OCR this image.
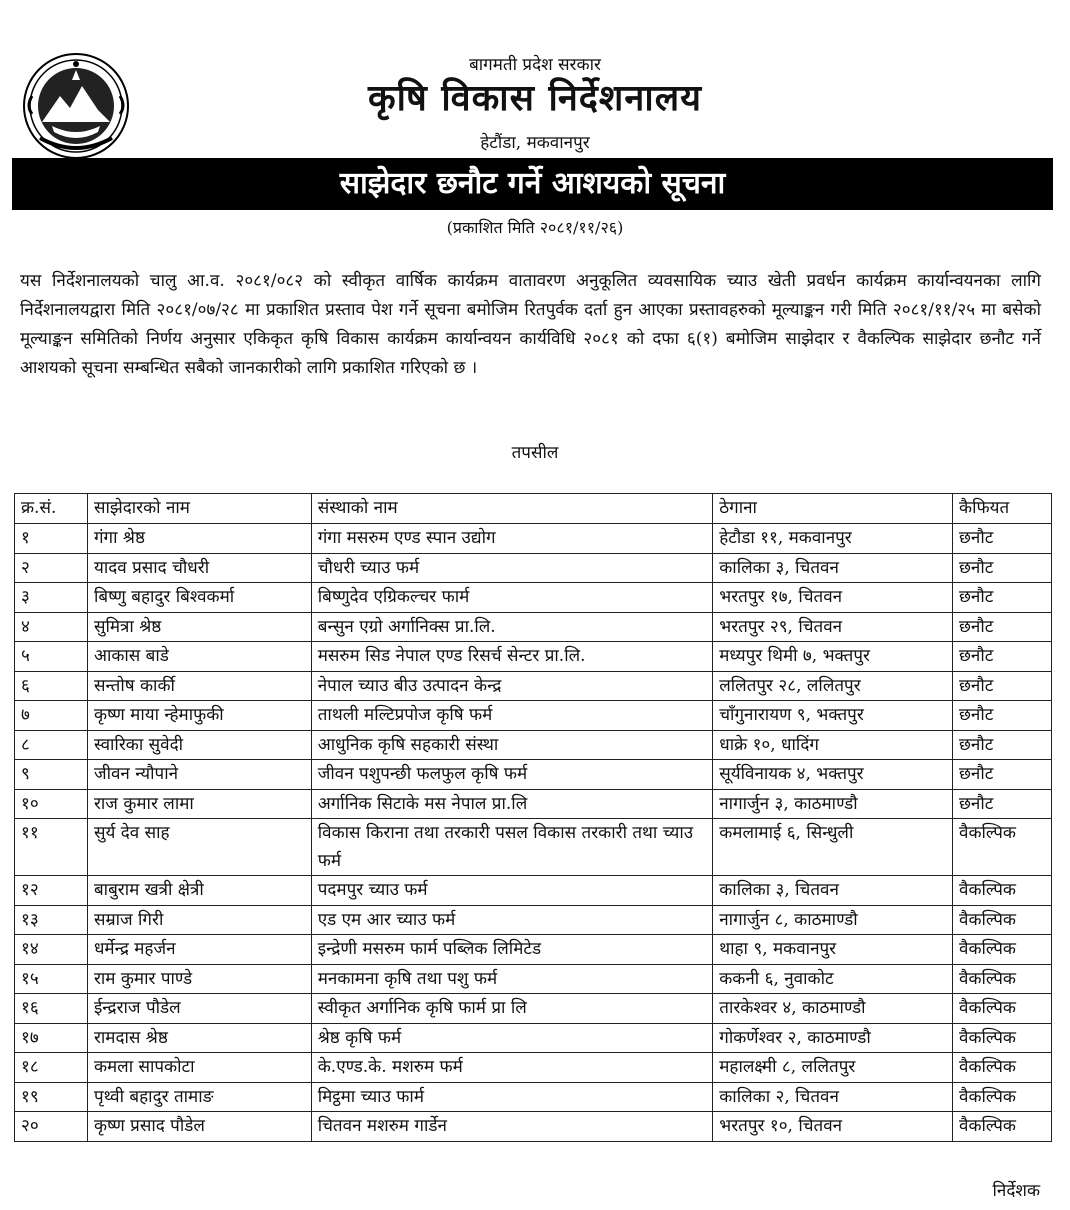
बागमती प्रदेश सरकार
कृषि विकास निर्देशनालय
हेटौंडा, मकवानपुर
साझेदार छनौट गर्ने आशयको सूचना
(प्रकाशित मिति २०८१/११/२६)
यस निर्देशनालयको चालु आ.व. २०८१/०८२ को स्वीकृत वार्षिक कार्यक्रम वातावरण अनुकूलित व्यवसायिक च्याउ खेती प्रवर्धन कार्यक्रम कार्यान्वयनका लागि निर्देशनालयद्वारा मिति २०८१/०७/२८ मा प्रकाशित प्रस्ताव पेश गर्ने सूचना बमोजिम रितपुर्वक दर्ता हुन आएका प्रस्तावहरुको मूल्याङ्कन गरी मिति २०८१/११/२५ मा बसेको मूल्याङ्कन समितिको निर्णय अनुसार एकिकृत कृषि विकास कार्यक्रम कार्यान्वयन कार्यविधि २०८१ को दफा ६(१) बमोजिम साझेदार र वैकल्पिक साझेदार छनौट गर्ने आशयको सूचना सम्बन्धित सबैको जानकारीको लागि प्रकाशित गरिएको छ ।
तपसील
क्र.सं.	साझेदारको नाम	संस्थाको नाम	ठेगाना	कैफियत
१	गंगा श्रेष्ठ	गंगा मसरुम एण्ड स्पान उद्योग	हेटौडा ११, मकवानपुर	छनौट
२	यादव प्रसाद चौधरी	चौधरी च्याउ फर्म	कालिका ३, चितवन	छनौट
३	बिष्णु बहादुर बिश्वकर्मा	बिष्णुदेव एग्रिकल्चर फार्म	भरतपुर १७, चितवन	छनौट
४	सुमित्रा श्रेष्ठ	बन्सुन एग्रो अर्गानिक्स प्रा.लि.	भरतपुर २९, चितवन	छनौट
५	आकास बाडे	मसरुम सिड नेपाल एण्ड रिसर्च सेन्टर प्रा.लि.	मध्यपुर थिमी ७, भक्तपुर	छनौट
६	सन्तोष कार्की	नेपाल च्याउ बीउ उत्पादन केन्द्र	ललितपुर २८, ललितपुर	छनौट
७	कृष्ण माया न्हेमाफुकी	ताथली मल्टिप्रपोज कृषि फर्म	चाँगुनारायण ९, भक्तपुर	छनौट
८	स्वारिका सुवेदी	आधुनिक कृषि सहकारी संस्था	धाक्रे १०, धादिंग	छनौट
९	जीवन न्यौपाने	जीवन पशुपन्छी फलफुल कृषि फर्म	सूर्यविनायक ४, भक्तपुर	छनौट
१०	राज कुमार लामा	अर्गानिक सिटाके मस नेपाल प्रा.लि	नागार्जुन ३, काठमाण्डौ	छनौट
११	सुर्य देव साह	विकास किराना तथा तरकारी पसल विकास तरकारी तथा च्याउ फर्म	कमलामाई ६, सिन्धुली	वैकल्पिक
१२	बाबुराम खत्री क्षेत्री	पदमपुर च्याउ फर्म	कालिका ३, चितवन	वैकल्पिक
१३	सम्राज गिरी	एड एम आर च्याउ फर्म	नागार्जुन ८, काठमाण्डौ	वैकल्पिक
१४	धर्मेन्द्र महर्जन	इन्द्रेणी मसरुम फार्म पब्लिक लिमिटेड	थाहा ९, मकवानपुर	वैकल्पिक
१५	राम कुमार पाण्डे	मनकामना कृषि तथा पशु फर्म	ककनी ६, नुवाकोट	वैकल्पिक
१६	ईन्द्रराज पौडेल	स्वीकृत अर्गानिक कृषि फार्म प्रा लि	तारकेश्वर ४, काठमाण्डौ	वैकल्पिक
१७	रामदास श्रेष्ठ	श्रेष्ठ कृषि फर्म	गोकर्णेश्वर २, काठमाण्डौ	वैकल्पिक
१८	कमला सापकोटा	के.एण्ड.के. मशरुम फर्म	महालक्ष्मी ८, ललितपुर	वैकल्पिक
१९	पृथ्वी बहादुर तामाङ	मिट्ठमा च्याउ फार्म	कालिका २, चितवन	वैकल्पिक
२०	कृष्ण प्रसाद पौडेल	चितवन मशरुम गार्डेन	भरतपुर १०, चितवन	वैकल्पिक
निर्देशक
